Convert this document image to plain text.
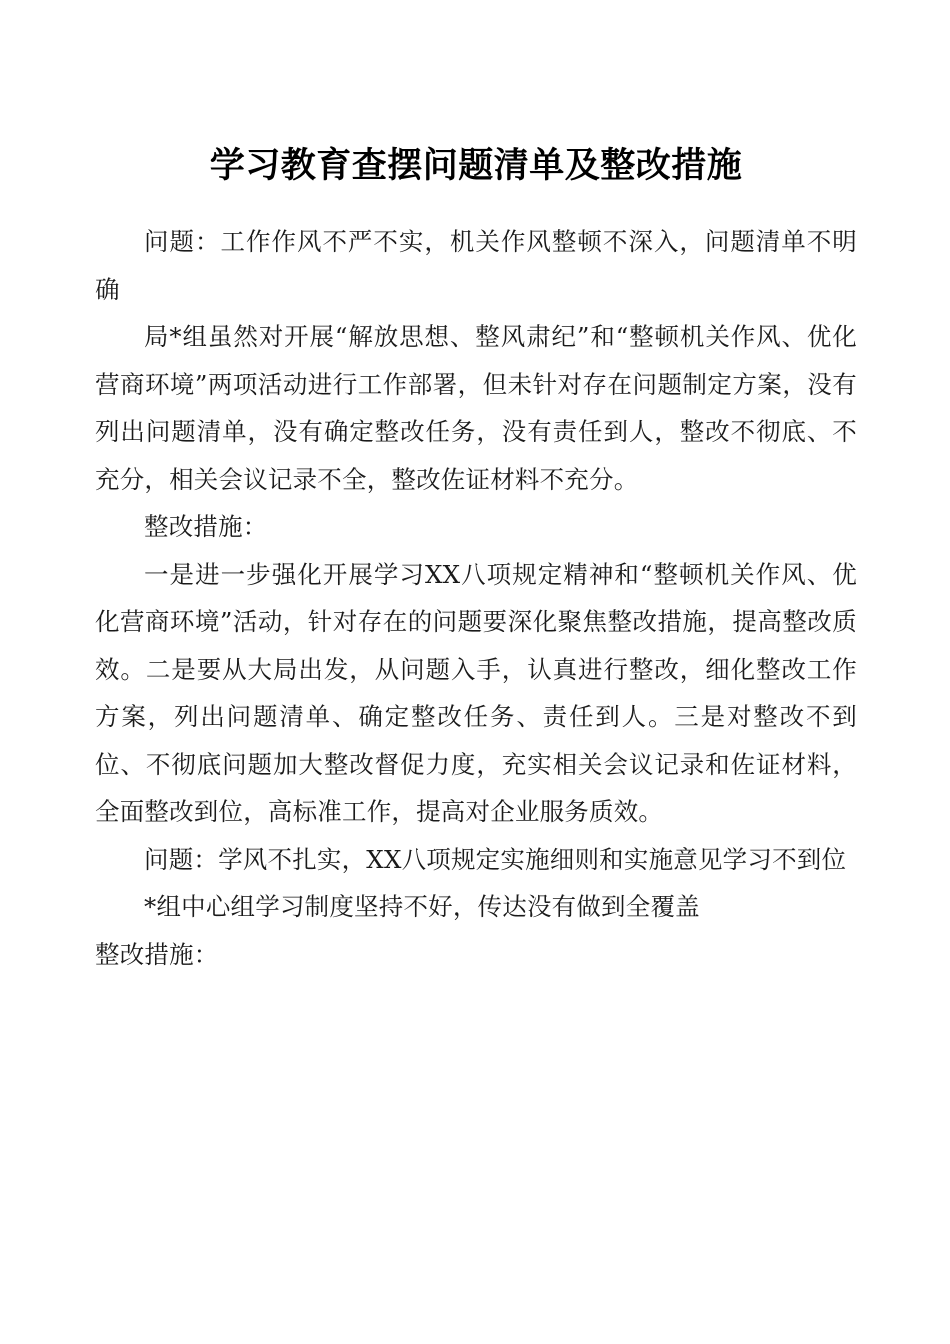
学习教育查摆问题清单及整改措施

问题：工作作风不严不实，机关作风整顿不深入，问题清单不明确

局*组虽然对开展“解放思想、整风肃纪”和“整顿机关作风、优化营商环境”两项活动进行工作部署，但未针对存在问题制定方案，没有列出问题清单，没有确定整改任务，没有责任到人，整改不彻底、不充分，相关会议记录不全，整改佐证材料不充分。

整改措施：

一是进一步强化开展学习XX八项规定精神和“整顿机关作风、优化营商环境”活动，针对存在的问题要深化聚焦整改措施，提高整改质效。二是要从大局出发，从问题入手，认真进行整改，细化整改工作方案，列出问题清单、确定整改任务、责任到人。三是对整改不到位、不彻底问题加大整改督促力度，充实相关会议记录和佐证材料，全面整改到位，高标准工作，提高对企业服务质效。

问题：学风不扎实，XX八项规定实施细则和实施意见学习不到位

*组中心组学习制度坚持不好，传达没有做到全覆盖

整改措施：
